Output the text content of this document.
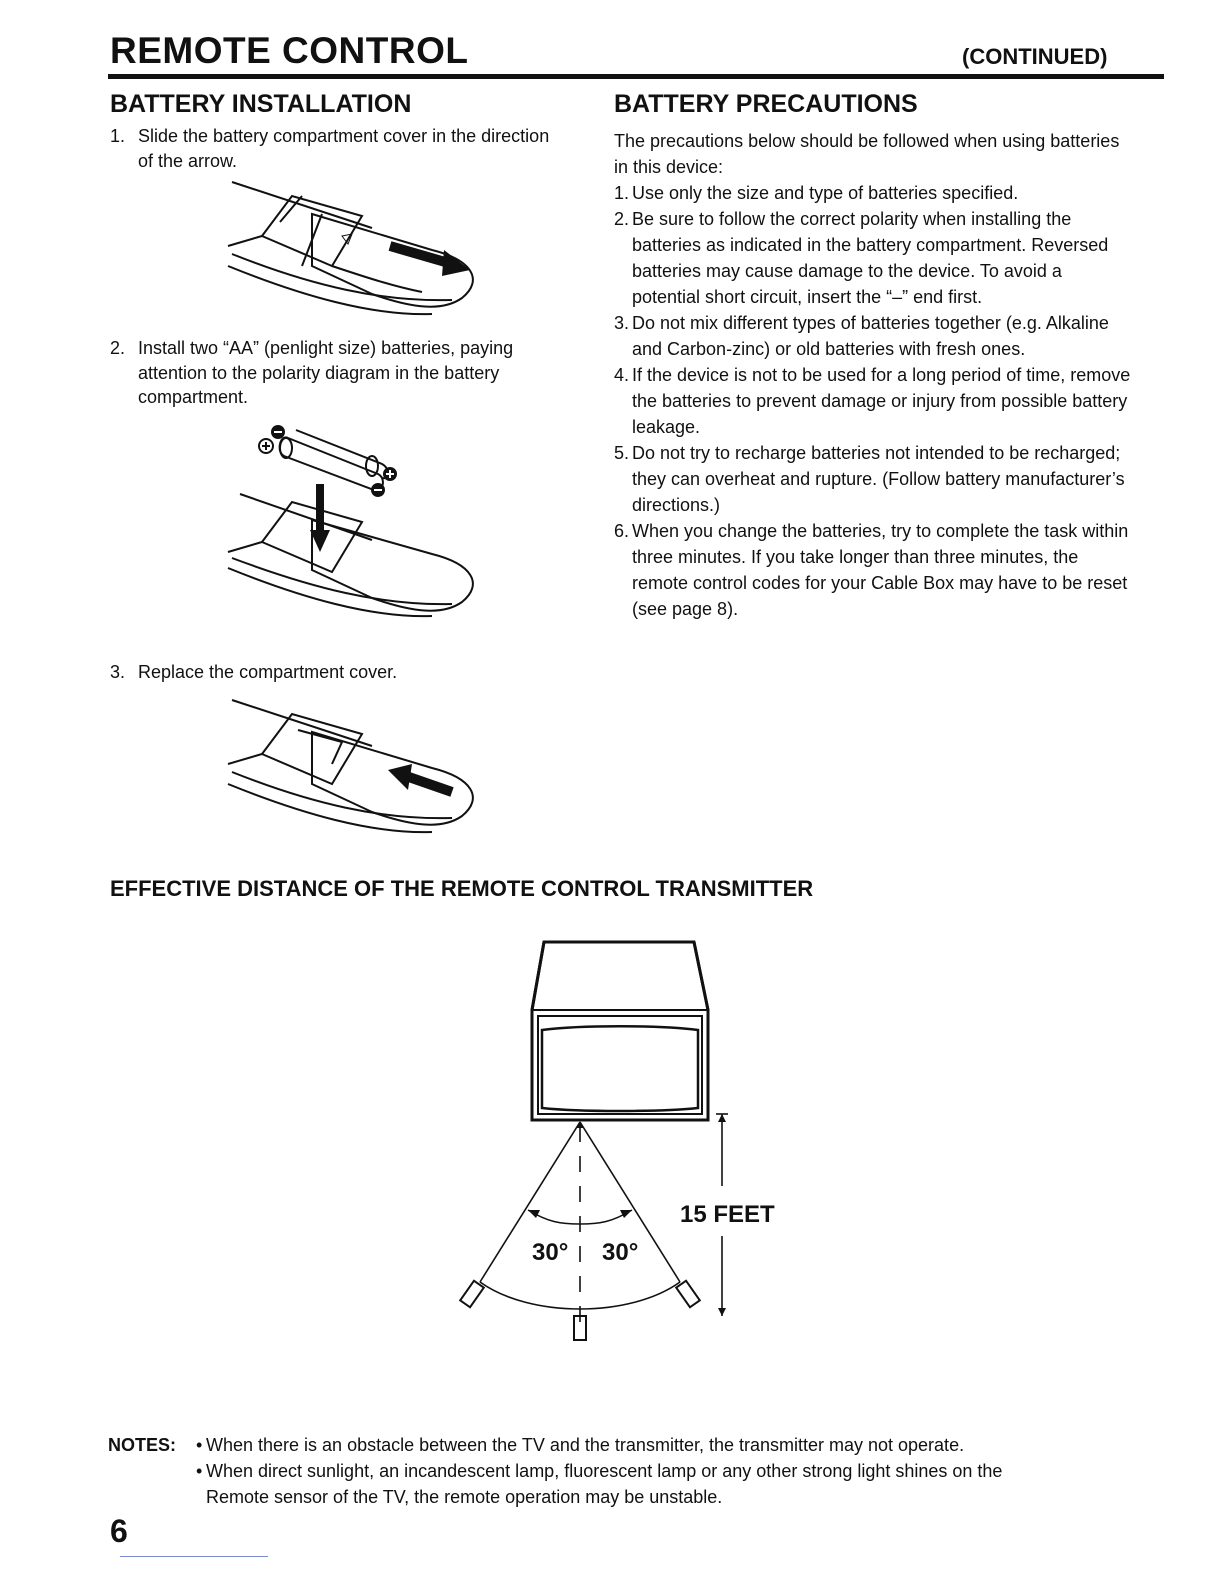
REMOTE CONTROL	(CONTINUED)
BATTERY INSTALLATION
1. Slide the battery compartment cover in the direction
of the arrow.
2. Install two “AA” (penlight size) batteries, paying
attention to the polarity diagram in the battery
compartment.
3. Replace the compartment cover.
BATTERY PRECAUTIONS

The precautions below should be followed when using batteries in this device:

1. Use only the size and type of batteries specified.
2. Be sure to follow the correct polarity when installing the batteries as indicated in the battery compartment. Reversed batteries may cause damage to the device. To avoid a potential short circuit, insert the “–” end first.
3. Do not mix different types of batteries together (e.g. Alkaline and Carbon-zinc) or old batteries with fresh ones.
4. If the device is not to be used for a long period of time, remove the batteries to prevent damage or injury from possible battery leakage.
5. Do not try to recharge batteries not intended to be recharged; they can overheat and rupture. (Follow battery manufacturer’s directions.)
6. When you change the batteries, try to complete the task within three minutes. If you take longer than three minutes, the remote control codes for your Cable Box may have to be reset (see page 8).
EFFECTIVE DISTANCE OF THE REMOTE CONTROL TRANSMITTER
15 FEET
30° 30°
NOTES: • When there is an obstacle between the TV and the transmitter, the transmitter may not operate.
• When direct sunlight, an incandescent lamp, fluorescent lamp or any other strong light shines on the
Remote sensor of the TV, the remote operation may be unstable.
6
